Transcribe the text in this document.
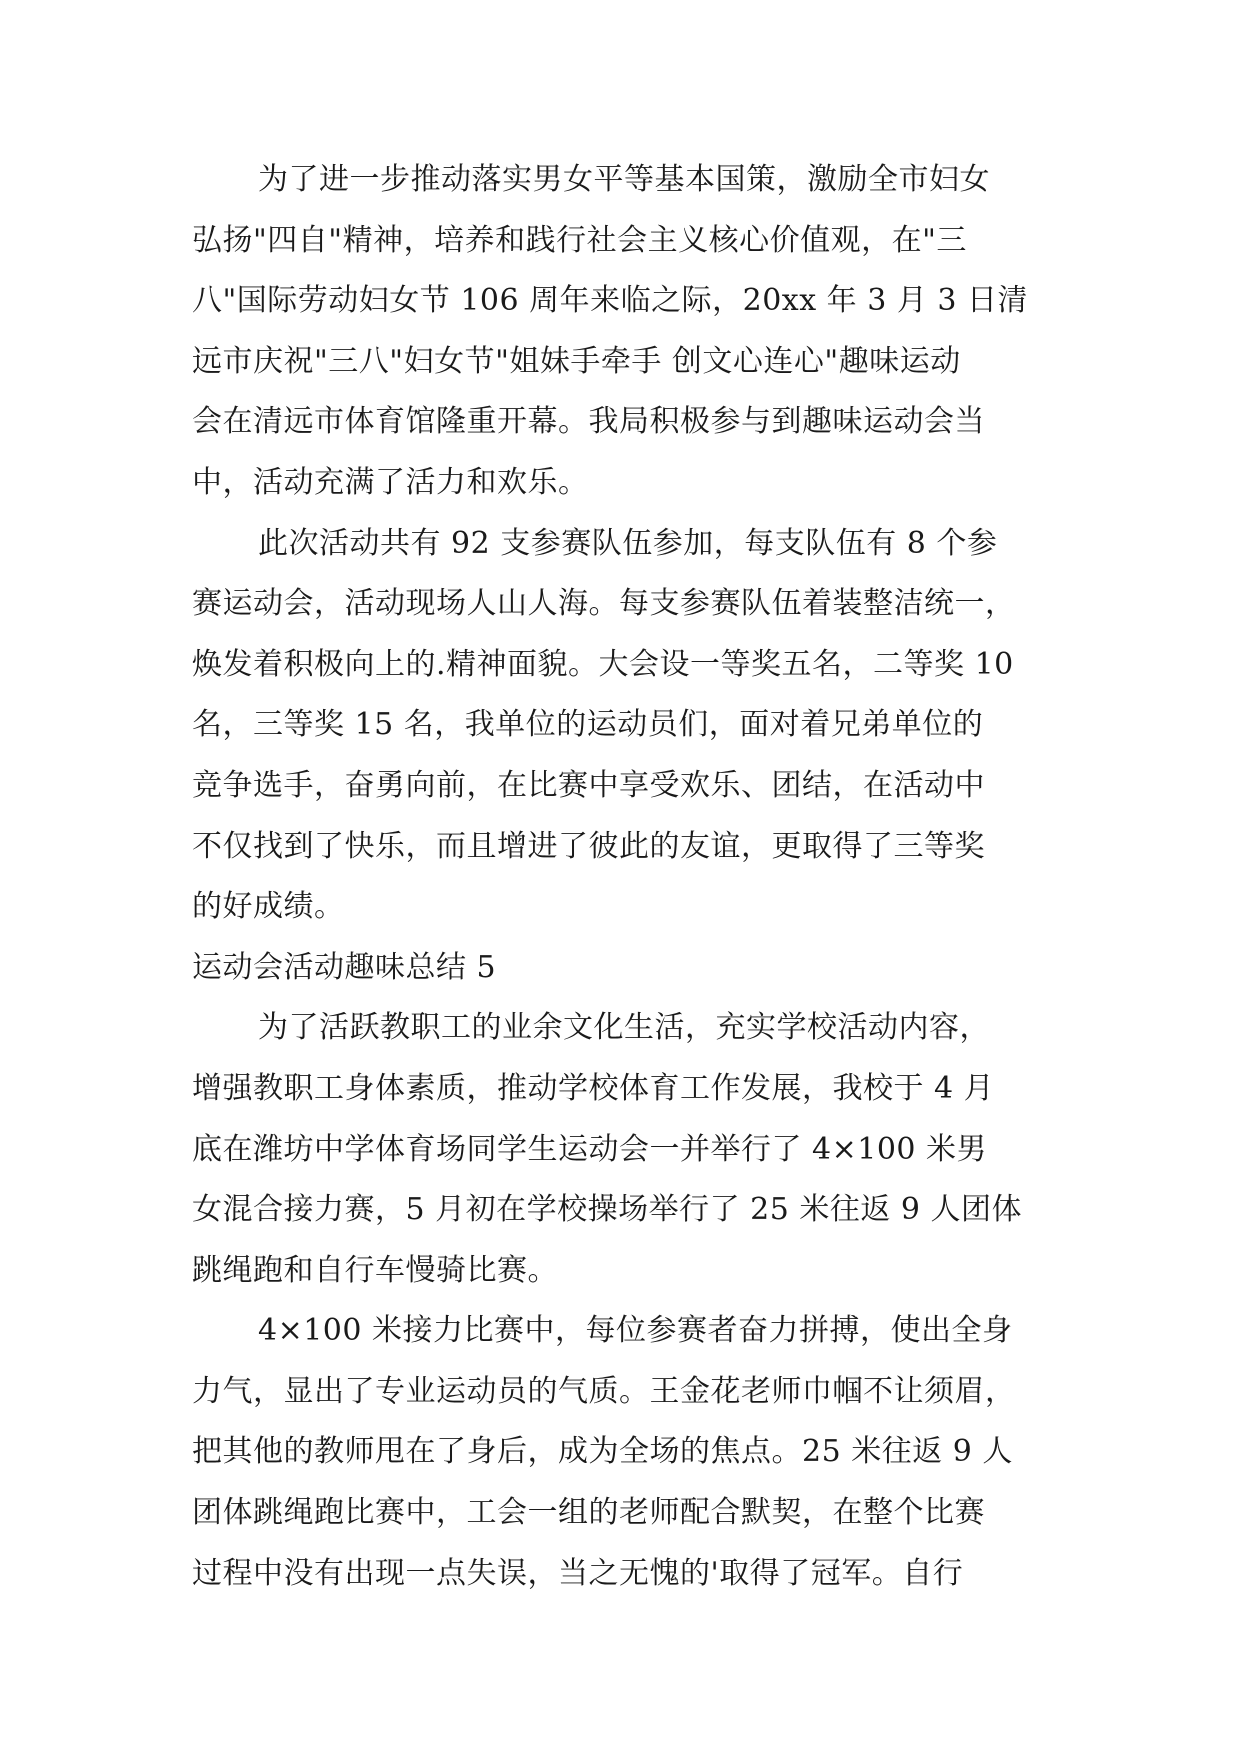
为了进一步推动落实男女平等基本国策，激励全市妇女
弘扬"四自"精神，培养和践行社会主义核心价值观，在"三
八"国际劳动妇女节 106 周年来临之际，20xx 年 3 月 3 日清
远市庆祝"三八"妇女节"姐妹手牵手 创文心连心"趣味运动
会在清远市体育馆隆重开幕。我局积极参与到趣味运动会当
中，活动充满了活力和欢乐。
此次活动共有 92 支参赛队伍参加，每支队伍有 8 个参
赛运动会，活动现场人山人海。每支参赛队伍着装整洁统一，
焕发着积极向上的.精神面貌。大会设一等奖五名，二等奖 10
名，三等奖 15 名，我单位的运动员们，面对着兄弟单位的
竞争选手，奋勇向前，在比赛中享受欢乐、团结，在活动中
不仅找到了快乐，而且增进了彼此的友谊，更取得了三等奖
的好成绩。
运动会活动趣味总结 5
为了活跃教职工的业余文化生活，充实学校活动内容，
增强教职工身体素质，推动学校体育工作发展，我校于 4 月
底在潍坊中学体育场同学生运动会一并举行了 4×100 米男
女混合接力赛，5 月初在学校操场举行了 25 米往返 9 人团体
跳绳跑和自行车慢骑比赛。
4×100 米接力比赛中，每位参赛者奋力拼搏，使出全身
力气，显出了专业运动员的气质。王金花老师巾帼不让须眉，
把其他的教师甩在了身后，成为全场的焦点。25 米往返 9 人
团体跳绳跑比赛中，工会一组的老师配合默契，在整个比赛
过程中没有出现一点失误，当之无愧的'取得了冠军。自行
